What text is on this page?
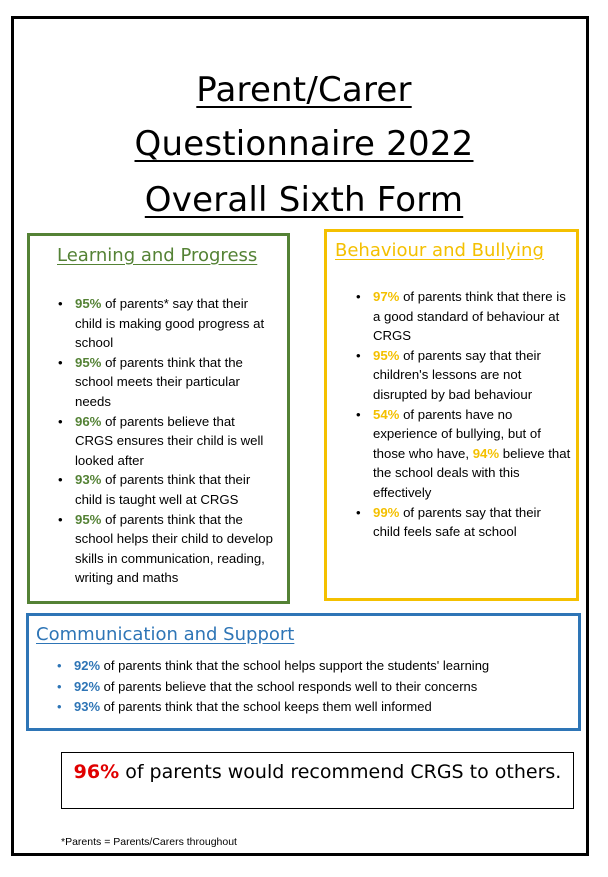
Parent/Carer
Questionnaire 2022
Overall Sixth Form
Learning and Progress
• 95% of parents* say that their child is making good progress at school
• 95% of parents think that the school meets their particular needs
• 96% of parents believe that CRGS ensures their child is well looked after
• 93% of parents think that their child is taught well at CRGS
• 95% of parents think that the school helps their child to develop skills in communication, reading, writing and maths
Behaviour and Bullying
• 97% of parents think that there is a good standard of behaviour at CRGS
• 95% of parents say that their children's lessons are not disrupted by bad behaviour
• 54% of parents have no experience of bullying, but of those who have, 94% believe that the school deals with this effectively
• 99% of parents say that their child feels safe at school
Communication and Support
• 92% of parents think that the school helps support the students' learning
• 92% of parents believe that the school responds well to their concerns
• 93% of parents think that the school keeps them well informed
96% of parents would recommend CRGS to others.
*Parents = Parents/Carers throughout
